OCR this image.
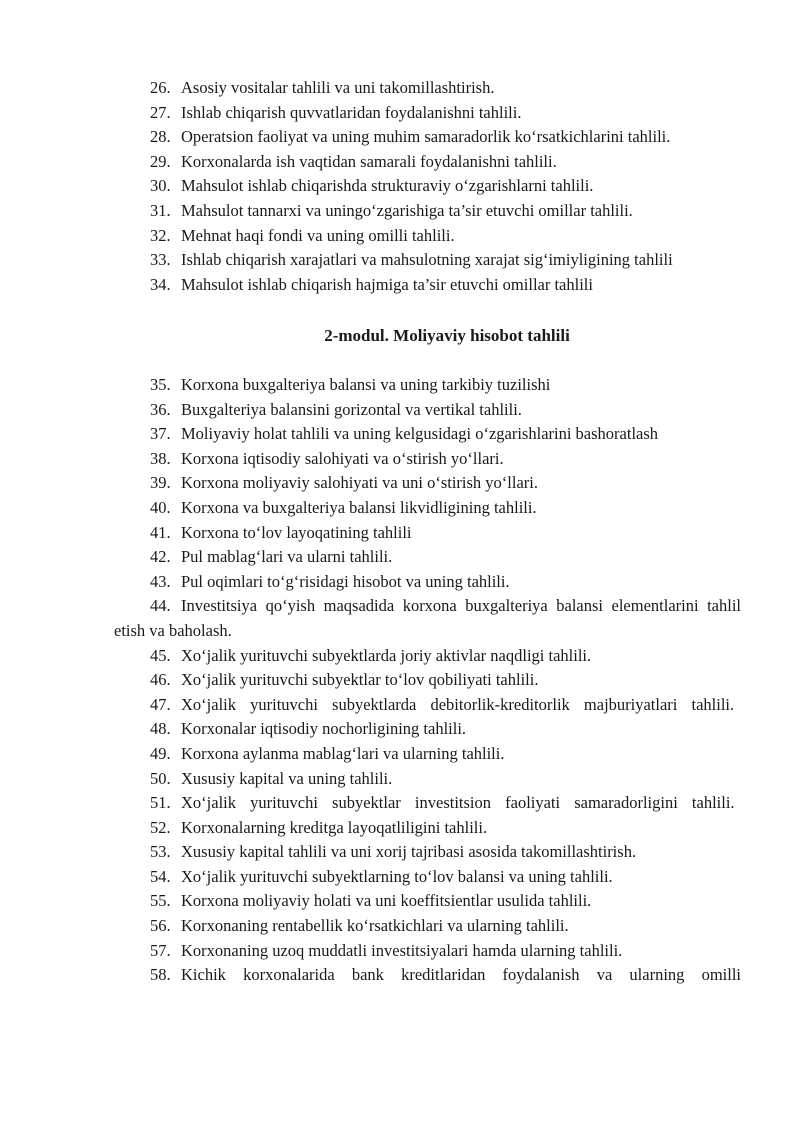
26. Asosiy vositalar tahlili va uni takomillashtirish.
27. Ishlab chiqarish quvvatlaridan foydalanishni tahlili.
28. Operatsion faoliyat va uning muhim samaradorlik ko‘rsatkichlarini tahlili.
29. Korxonalarda ish vaqtidan samarali foydalanishni tahlili.
30. Mahsulot ishlab chiqarishda strukturaviy o‘zgarishlarni tahlili.
31. Mahsulot tannarxi va uningo‘zgarishiga ta’sir etuvchi omillar tahlili.
32. Mehnat haqi fondi va uning omilli tahlili.
33. Ishlab chiqarish xarajatlari va mahsulotning xarajat sig‘imiyligining tahlili
34. Mahsulot ishlab chiqarish hajmiga ta’sir etuvchi omillar tahlili
2-modul. Moliyaviy hisobot tahlili
35. Korxona buxgalteriya balansi va uning tarkibiy tuzilishi
36. Buxgalteriya balansini gorizontal va vertikal tahlili.
37. Moliyaviy holat tahlili va uning kelgusidagi o‘zgarishlarini bashoratlash
38. Korxona iqtisodiy salohiyati va o‘stirish yo‘llari.
39. Korxona moliyaviy salohiyati va uni o‘stirish yo‘llari.
40. Korxona va buxgalteriya balansi likvidligining tahlili.
41. Korxona to‘lov layoqatining tahlili
42. Pul mablag‘lari va ularni tahlili.
43. Pul oqimlari to‘g‘risidagi hisobot va uning tahlili.
44. Investitsiya qo‘yish maqsadida korxona buxgalteriya balansi elementlarini tahlil etish va baholash.
45. Xo‘jalik yurituvchi subyektlarda joriy aktivlar naqdligi tahlili.
46. Xo‘jalik yurituvchi subyektlar to‘lov qobiliyati tahlili.
47. Xo‘jalik yurituvchi subyektlarda debitorlik-kreditorlik majburiyatlari tahlili.
48. Korxonalar iqtisodiy nochorligining tahlili.
49. Korxona aylanma mablag‘lari va ularning tahlili.
50. Xususiy kapital va uning tahlili.
51. Xo‘jalik yurituvchi subyektlar investitsion faoliyati samaradorligini tahlili.
52. Korxonalarning kreditga layoqatliligini tahlili.
53. Xususiy kapital tahlili va uni xorij tajribasi asosida takomillashtirish.
54. Xo‘jalik yurituvchi subyektlarning to‘lov balansi va uning tahlili.
55. Korxona moliyaviy holati va uni koeffitsientlar usulida tahlili.
56. Korxonaning rentabellik ko‘rsatkichlari va ularning tahlili.
57. Korxonaning uzoq muddatli investitsiyalari hamda ularning tahlili.
58. Kichik korxonalarida bank kreditlaridan foydalanish va ularning omilli
